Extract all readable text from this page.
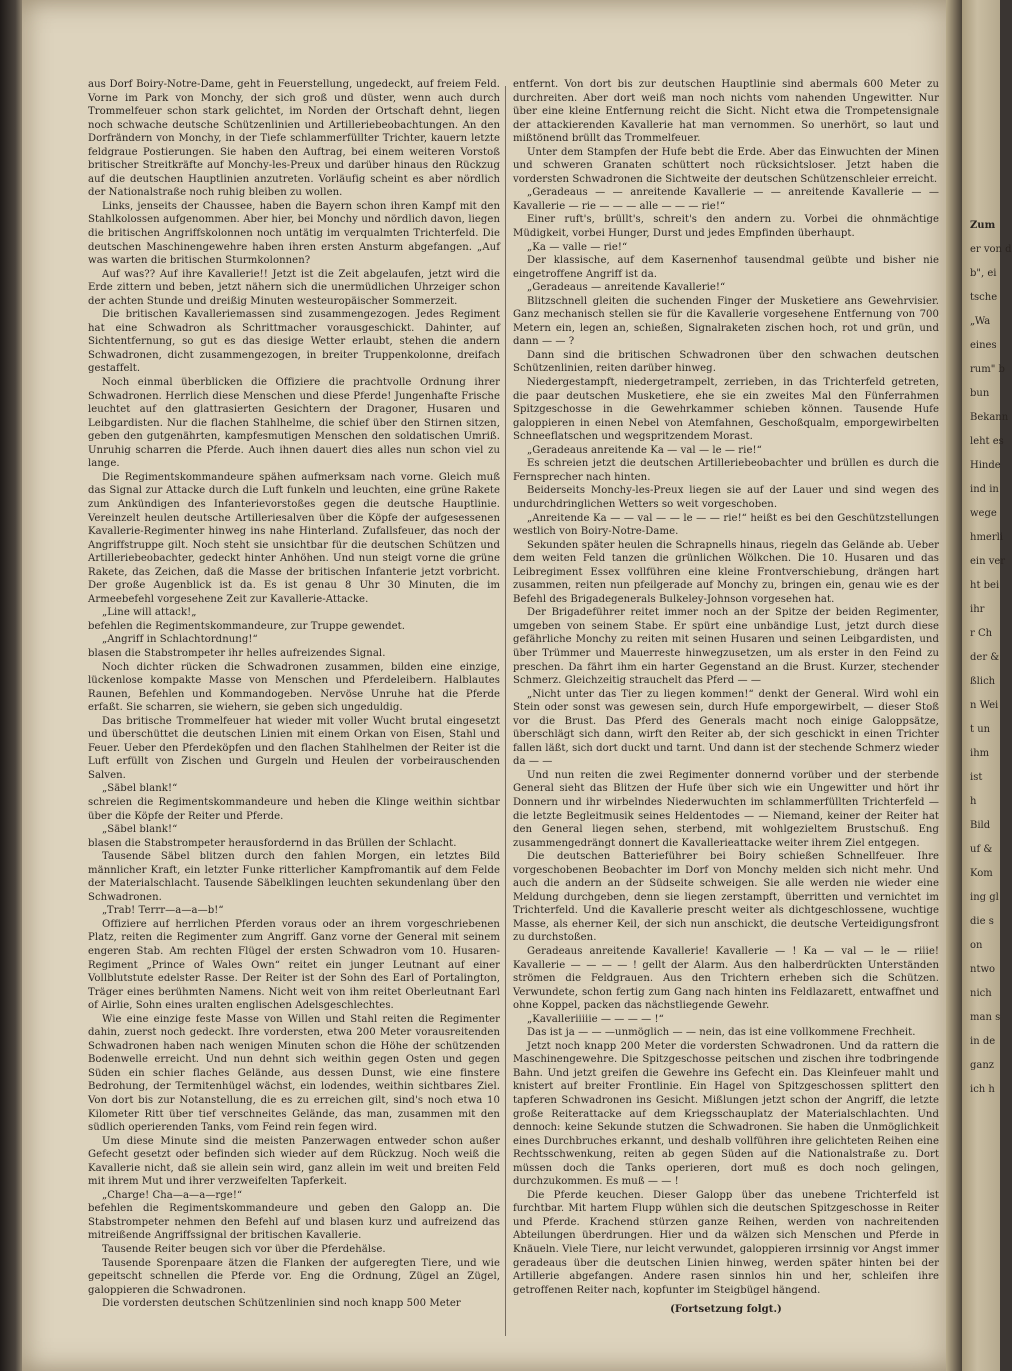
aus Dorf Boiry-Notre-Dame, geht in Feuerstellung, ungedeckt, auf freiem Feld. Vorne im Park von Monchy, der sich groß und düster, wenn auch durch Trommelfeuer schon stark gelichtet, im Norden der Ortschaft dehnt, liegen noch schwache deutsche Schützenlinien und Artilleriebeobachtungen. An den Dorfrändern von Monchy, in der Tiefe schlammerfüllter Trichter, kauern letzte feldgraue Postierungen. Sie haben den Auftrag, bei einem weiteren Vorstoß britischer Streitkräfte auf Monchy-les-Preux und darüber hinaus den Rückzug auf die deutschen Hauptlinien anzutreten. Vorläufig scheint es aber nördlich der Nationalstraße noch ruhig bleiben zu wollen.

Links, jenseits der Chaussee, haben die Bayern schon ihren Kampf mit den Stahlkolossen aufgenommen. Aber hier, bei Monchy und nördlich davon, liegen die britischen Angriffskolonnen noch untätig im verqualmten Trichterfeld. Die deutschen Maschinengewehre haben ihren ersten Ansturm abgefangen. „Auf was warten die britischen Sturmkolonnen?

Auf was?? Auf ihre Kavallerie!! Jetzt ist die Zeit abgelaufen, jetzt wird die Erde zittern und beben, jetzt nähern sich die unermüdlichen Uhrzeiger schon der achten Stunde und dreißig Minuten westeuropäischer Sommerzeit.

Die britischen Kavalleriemassen sind zusammengezogen. Jedes Regiment hat eine Schwadron als Schrittmacher vorausgeschickt. Dahinter, auf Sichtentfernung, so gut es das diesige Wetter erlaubt, stehen die andern Schwadronen, dicht zusammengezogen, in breiter Truppenkolonne, dreifach gestaffelt.

Noch einmal überblicken die Offiziere die prachtvolle Ordnung ihrer Schwadronen. Herrlich diese Menschen und diese Pferde! Jungenhafte Frische leuchtet auf den glattrasierten Gesichtern der Dragoner, Husaren und Leibgardisten. Nur die flachen Stahlhelme, die schief über den Stirnen sitzen, geben den gutgenährten, kampfesmutigen Menschen den soldatischen Umriß. Unruhig scharren die Pferde. Auch ihnen dauert dies alles nun schon viel zu lange.

Die Regimentskommandeure spähen aufmerksam nach vorne. Gleich muß das Signal zur Attacke durch die Luft funkeln und leuchten, eine grüne Rakete zum Ankündigen des Infanterievorstoßes gegen die deutsche Hauptlinie. Vereinzelt heulen deutsche Artilleriesalven über die Köpfe der aufgesessenen Kavallerie-Regimenter hinweg ins nahe Hinterland. Zufallsfeuer, das noch der Angriffstruppe gilt. Noch steht sie unsichtbar für die deutschen Schützen und Artilleriebeobachter, gedeckt hinter Anhöhen. Und nun steigt vorne die grüne Rakete, das Zeichen, daß die Masse der britischen Infanterie jetzt vorbricht. Der große Augenblick ist da. Es ist genau 8 Uhr 30 Minuten, die im Armeebefehl vorgesehene Zeit zur Kavallerie-Attacke.

„Line will attack!„

befehlen die Regimentskommandeure, zur Truppe gewendet.

„Angriff in Schlachtordnung!“

blasen die Stabstrompeter ihr helles aufreizendes Signal.

Noch dichter rücken die Schwadronen zusammen, bilden eine einzige, lückenlose kompakte Masse von Menschen und Pferdeleibern. Halblautes Raunen, Befehlen und Kommandogeben. Nervöse Unruhe hat die Pferde erfaßt. Sie scharren, sie wiehern, sie geben sich ungeduldig.

Das britische Trommelfeuer hat wieder mit voller Wucht brutal eingesetzt und überschüttet die deutschen Linien mit einem Orkan von Eisen, Stahl und Feuer. Ueber den Pferdeköpfen und den flachen Stahlhelmen der Reiter ist die Luft erfüllt von Zischen und Gurgeln und Heulen der vorbeirauschenden Salven.

„Säbel blank!“

schreien die Regimentskommandeure und heben die Klinge weithin sichtbar über die Köpfe der Reiter und Pferde.

„Säbel blank!“

blasen die Stabstrompeter herausfordernd in das Brüllen der Schlacht.

Tausende Säbel blitzen durch den fahlen Morgen, ein letztes Bild männlicher Kraft, ein letzter Funke ritterlicher Kampfromantik auf dem Felde der Materialschlacht. Tausende Säbelklingen leuchten sekundenlang über den Schwadronen.

„Trab! Terrr—a—a—b!“

Offiziere auf herrlichen Pferden voraus oder an ihrem vorgeschriebenen Platz, reiten die Regimenter zum Angriff. Ganz vorne der General mit seinem engeren Stab. Am rechten Flügel der ersten Schwadron vom 10. Husaren-Regiment „Prince of Wales Own“ reitet ein junger Leutnant auf einer Vollblutstute edelster Rasse. Der Reiter ist der Sohn des Earl of Portalington, Träger eines berühmten Namens. Nicht weit von ihm reitet Oberleutnant Earl of Airlie, Sohn eines uralten englischen Adelsgeschlechtes.

Wie eine einzige feste Masse von Willen und Stahl reiten die Regimenter dahin, zuerst noch gedeckt. Ihre vordersten, etwa 200 Meter vorausreitenden Schwadronen haben nach wenigen Minuten schon die Höhe der schützenden Bodenwelle erreicht. Und nun dehnt sich weithin gegen Osten und gegen Süden ein schier flaches Gelände, aus dessen Dunst, wie eine finstere Bedrohung, der Termitenhügel wächst, ein lodendes, weithin sichtbares Ziel. Von dort bis zur Notanstellung, die es zu erreichen gilt, sind's noch etwa 10 Kilometer Ritt über tief verschneites Gelände, das man, zusammen mit den südlich operierenden Tanks, vom Feind rein fegen wird.

Um diese Minute sind die meisten Panzerwagen entweder schon außer Gefecht gesetzt oder befinden sich wieder auf dem Rückzug. Noch weiß die Kavallerie nicht, daß sie allein sein wird, ganz allein im weit und breiten Feld mit ihrem Mut und ihrer verzweifelten Tapferkeit.

„Charge! Cha—a—a—rge!“

befehlen die Regimentskommandeure und geben den Galopp an. Die Stabstrompeter nehmen den Befehl auf und blasen kurz und aufreizend das mitreißende Angriffssignal der britischen Kavallerie.

Tausende Reiter beugen sich vor über die Pferdehälse.

Tausende Sporenpaare ätzen die Flanken der aufgeregten Tiere, und wie gepeitscht schnellen die Pferde vor. Eng die Ordnung, Zügel an Zügel, galoppieren die Schwadronen.

Die vordersten deutschen Schützenlinien sind noch knapp 500 Meter

entfernt. Von dort bis zur deutschen Hauptlinie sind abermals 600 Meter zu durchreiten. Aber dort weiß man noch nichts vom nahenden Ungewitter. Nur über eine kleine Entfernung reicht die Sicht. Nicht etwa die Trompetensignale der attackierenden Kavallerie hat man vernommen. So unerhört, so laut und mißtönend brüllt das Trommelfeuer.

Unter dem Stampfen der Hufe bebt die Erde. Aber das Einwuchten der Minen und schweren Granaten schüttert noch rücksichtsloser. Jetzt haben die vordersten Schwadronen die Sichtweite der deutschen Schützenschleier erreicht.

„Geradeaus — — anreitende Kavallerie — — anreitende Kavallerie — — Kavallerie — rie — — — alle — — — rie!“

Einer ruft's, brüllt's, schreit's den andern zu. Vorbei die ohnmächtige Müdigkeit, vorbei Hunger, Durst und jedes Empfinden überhaupt.

„Ka — valle — rie!“

Der klassische, auf dem Kasernenhof tausendmal geübte und bisher nie eingetroffene Angriff ist da.

„Geradeaus — anreitende Kavallerie!“

Blitzschnell gleiten die suchenden Finger der Musketiere ans Gewehrvisier. Ganz mechanisch stellen sie für die Kavallerie vorgesehene Entfernung von 700 Metern ein, legen an, schießen, Signalraketen zischen hoch, rot und grün, und dann — — ?

Dann sind die britischen Schwadronen über den schwachen deutschen Schützenlinien, reiten darüber hinweg.

Niedergestampft, niedergetrampelt, zerrieben, in das Trichterfeld getreten, die paar deutschen Musketiere, ehe sie ein zweites Mal den Fünferrahmen Spitzgeschosse in die Gewehrkammer schieben können. Tausende Hufe galoppieren in einen Nebel von Atemfahnen, Geschoßqualm, emporgewirbelten Schneeflatschen und wegspritzendem Morast.

„Geradeaus anreitende Ka — val — le — rie!“

Es schreien jetzt die deutschen Artilleriebeobachter und brüllen es durch die Fernsprecher nach hinten.

Beiderseits Monchy-les-Preux liegen sie auf der Lauer und sind wegen des undurchdringlichen Wetters so weit vorgeschoben.

„Anreitende Ka — — val — — le — — rie!“ heißt es bei den Geschützstellungen westlich von Boiry-Notre-Dame.

Sekunden später heulen die Schrapnells hinaus, riegeln das Gelände ab. Ueber dem weiten Feld tanzen die grünlichen Wölkchen. Die 10. Husaren und das Leibregiment Essex vollführen eine kleine Frontverschiebung, drängen hart zusammen, reiten nun pfeilgerade auf Monchy zu, bringen ein, genau wie es der Befehl des Brigadegenerals Bulkeley-Johnson vorgesehen hat.

Der Brigadeführer reitet immer noch an der Spitze der beiden Regimenter, umgeben von seinem Stabe. Er spürt eine unbändige Lust, jetzt durch diese gefährliche Monchy zu reiten mit seinen Husaren und seinen Leibgardisten, und über Trümmer und Mauerreste hinwegzusetzen, um als erster in den Feind zu preschen. Da fährt ihm ein harter Gegenstand an die Brust. Kurzer, stechender Schmerz. Gleichzeitig strauchelt das Pferd — —

„Nicht unter das Tier zu liegen kommen!“ denkt der General. Wird wohl ein Stein oder sonst was gewesen sein, durch Hufe emporgewirbelt, — dieser Stoß vor die Brust. Das Pferd des Generals macht noch einige Galoppsätze, überschlägt sich dann, wirft den Reiter ab, der sich geschickt in einen Trichter fallen läßt, sich dort duckt und tarnt. Und dann ist der stechende Schmerz wieder da — —

Und nun reiten die zwei Regimenter donnernd vorüber und der sterbende General sieht das Blitzen der Hufe über sich wie ein Ungewitter und hört ihr Donnern und ihr wirbelndes Niederwuchten im schlammerfüllten Trichterfeld — die letzte Begleitmusik seines Heldentodes — — Niemand, keiner der Reiter hat den General liegen sehen, sterbend, mit wohlgezieltem Brustschuß. Eng zusammengedrängt donnert die Kavallerieattacke weiter ihrem Ziel entgegen.

Die deutschen Batterieführer bei Boiry schießen Schnellfeuer. Ihre vorgeschobenen Beobachter im Dorf von Monchy melden sich nicht mehr. Und auch die andern an der Südseite schweigen. Sie alle werden nie wieder eine Meldung durchgeben, denn sie liegen zerstampft, überritten und vernichtet im Trichterfeld. Und die Kavallerie prescht weiter als dichtgeschlossene, wuchtige Masse, als eherner Keil, der sich nun anschickt, die deutsche Verteidigungsfront zu durchstoßen.

Geradeaus anreitende Kavallerie! Kavallerie — ! Ka — val — le — riiie! Kavallerie — — — — ! gellt der Alarm. Aus den halberdrückten Unterständen strömen die Feldgrauen. Aus den Trichtern erheben sich die Schützen. Verwundete, schon fertig zum Gang nach hinten ins Feldlazarett, entwaffnet und ohne Koppel, packen das nächstliegende Gewehr.

„Kavalleriiiiie — — — — !“

Das ist ja — — —unmöglich — — nein, das ist eine vollkommene Frechheit.

Jetzt noch knapp 200 Meter die vordersten Schwadronen. Und da rattern die Maschinengewehre. Die Spitzgeschosse peitschen und zischen ihre todbringende Bahn. Und jetzt greifen die Gewehre ins Gefecht ein. Das Kleinfeuer mahlt und knistert auf breiter Frontlinie. Ein Hagel von Spitzgeschossen splittert den tapferen Schwadronen ins Gesicht. Mißlungen jetzt schon der Angriff, die letzte große Reiterattacke auf dem Kriegsschauplatz der Materialschlachten. Und dennoch: keine Sekunde stutzen die Schwadronen. Sie haben die Unmöglichkeit eines Durchbruches erkannt, und deshalb vollführen ihre gelichteten Reihen eine Rechtsschwenkung, reiten ab gegen Süden auf die Nationalstraße zu. Dort müssen doch die Tanks operieren, dort muß es doch noch gelingen, durchzukommen. Es muß — — !

Die Pferde keuchen. Dieser Galopp über das unebene Trichterfeld ist furchtbar. Mit hartem Flupp wühlen sich die deutschen Spitzgeschosse in Reiter und Pferde. Krachend stürzen ganze Reihen, werden von nachreitenden Abteilungen überdrungen. Hier und da wälzen sich Menschen und Pferde in Knäueln. Viele Tiere, nur leicht verwundet, galoppieren irrsinnig vor Angst immer geradeaus über die deutschen Linien hinweg, werden später hinten bei der Artillerie abgefangen. Andere rasen sinnlos hin und her, schleifen ihre getroffenen Reiter nach, kopfunter im Steigbügel hängend.

(Fortsetzung folgt.)

Zum
er von d
b", ei
tsche
„Wa
eines
rum" b
bun
Bekann
leht es
Hinde
ind in
wege
hmerli
ein ver
ht bei
ihr
r Ch
der &
ßlich
n Wei
t un
ihm
ist
h
Bild
uf &
Kom
ing gl
die s
on
ntwo
nich
man s
in de
ganz
ich h
